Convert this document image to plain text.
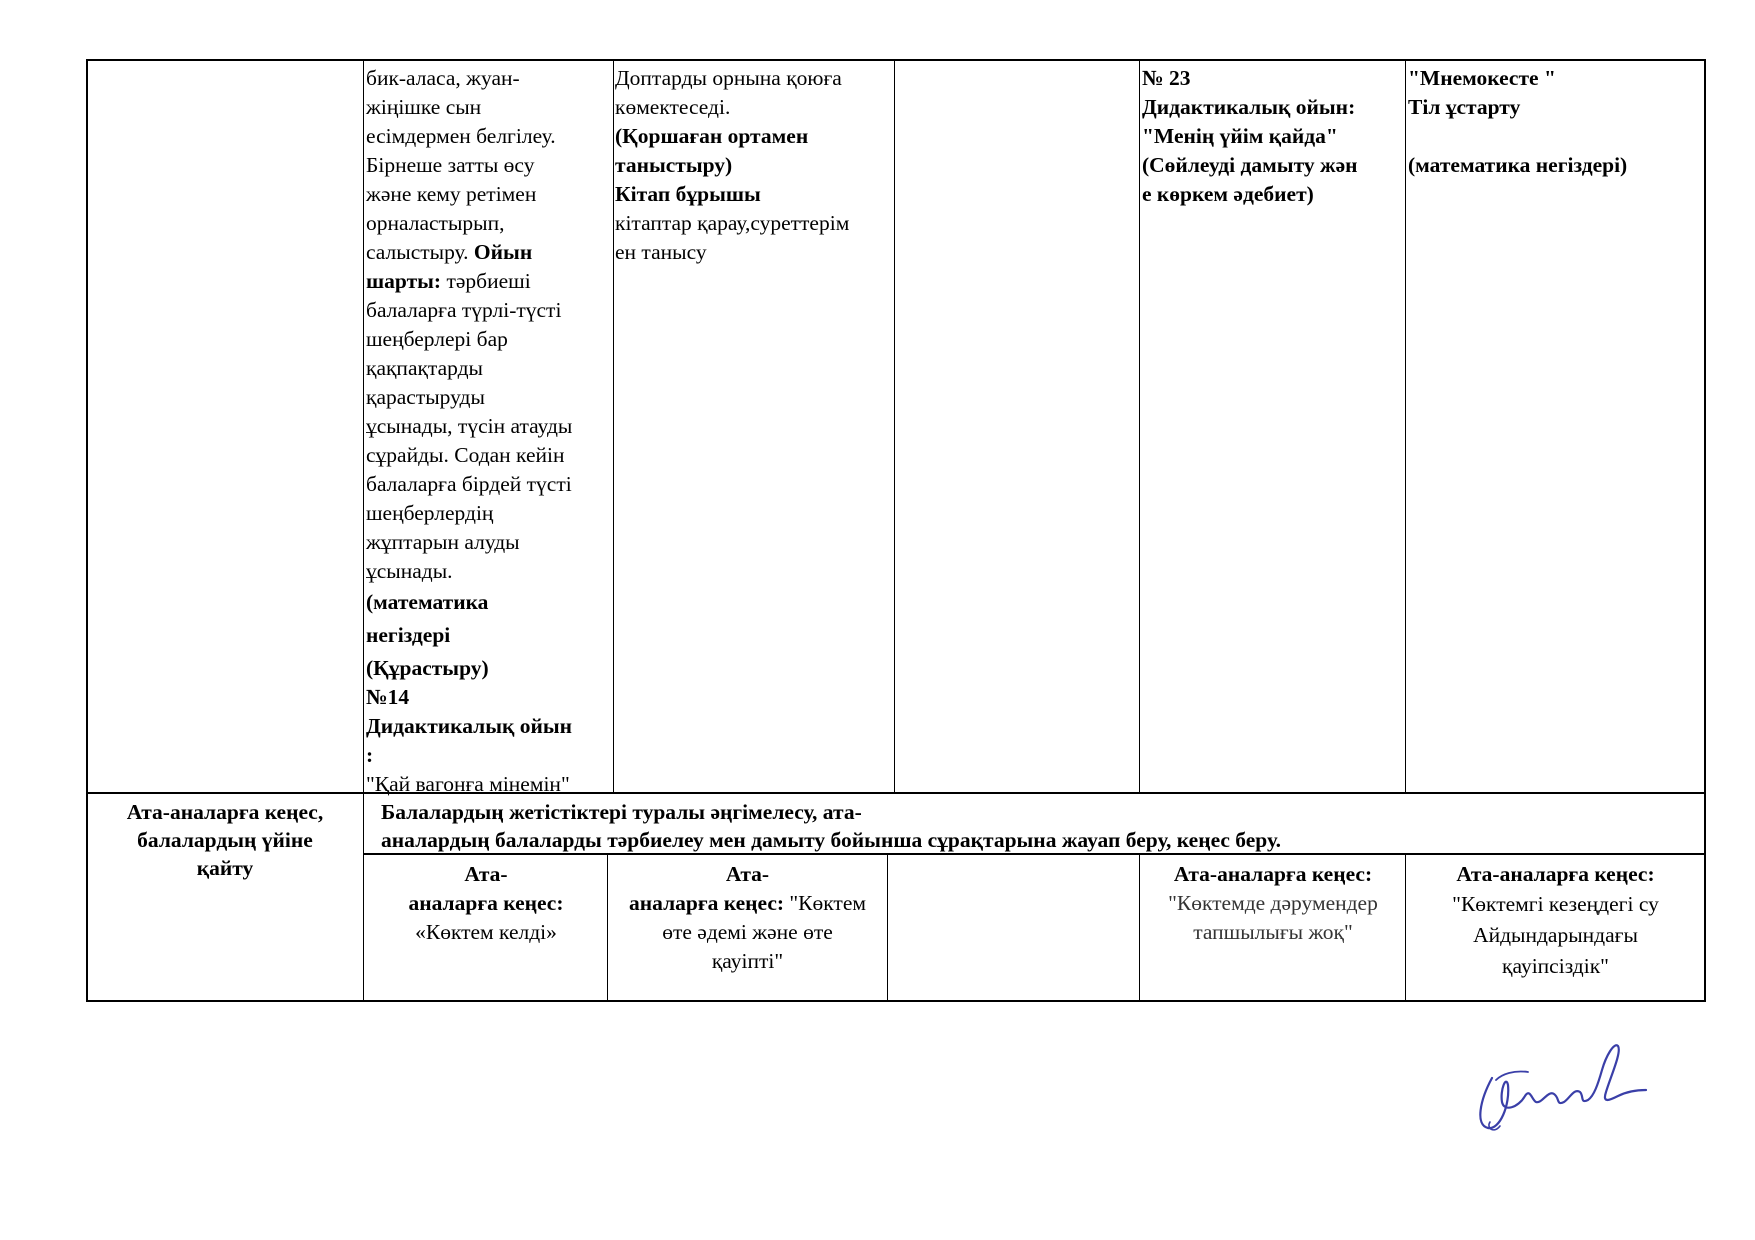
бик-аласа, жуан-
жіңішке сын
есімдермен белгілеу.
Бірнеше затты өсу
және кему ретімен
орналастырып,
салыстыру. Ойын
шарты: тәрбиеші
балаларға түрлі-түсті
шеңберлері бар
қақпақтарды
қарастыруды
ұсынады, түсін атауды
сұрайды. Содан кейін
балаларға бірдей түсті
шеңберлердің
жұптарын алуды
ұсынады.
(математика
негіздері
(Құрастыру)
№14
Дидактикалық ойын
:
"Қай вагонға мінемін"
Доптарды орнына қоюға
көмектеседі.
(Қоршаған ортамен
таныстыру)
Кітап бұрышы
кітаптар қарау,суреттерім
ен танысу
№ 23
Дидактикалық ойын:
"Менің үйім қайда"
(Сөйлеуді дамыту жән
е көркем әдебиет)
"Мнемокесте "
Тіл ұстарту

(математика негіздері)
Ата-аналарға кеңес,
балалардың үйіне
қайту
Балалардың жетістіктері туралы әңгімелесу, ата-
аналардың балаларды тәрбиелеу мен дамыту бойынша сұрақтарына жауап беру, кеңес беру.
Ата-
аналарға кеңес:
«Көктем келді»
Ата-
аналарға кеңес: "Көктем
өте әдемі және өте
қауіпті"
Ата-аналарға кеңес:
"Көктемде дәрумендер
тапшылығы жоқ"
Ата-аналарға кеңес:
"Көктемгі кезеңдегі су
Айдындарындағы
қауіпсіздік"
